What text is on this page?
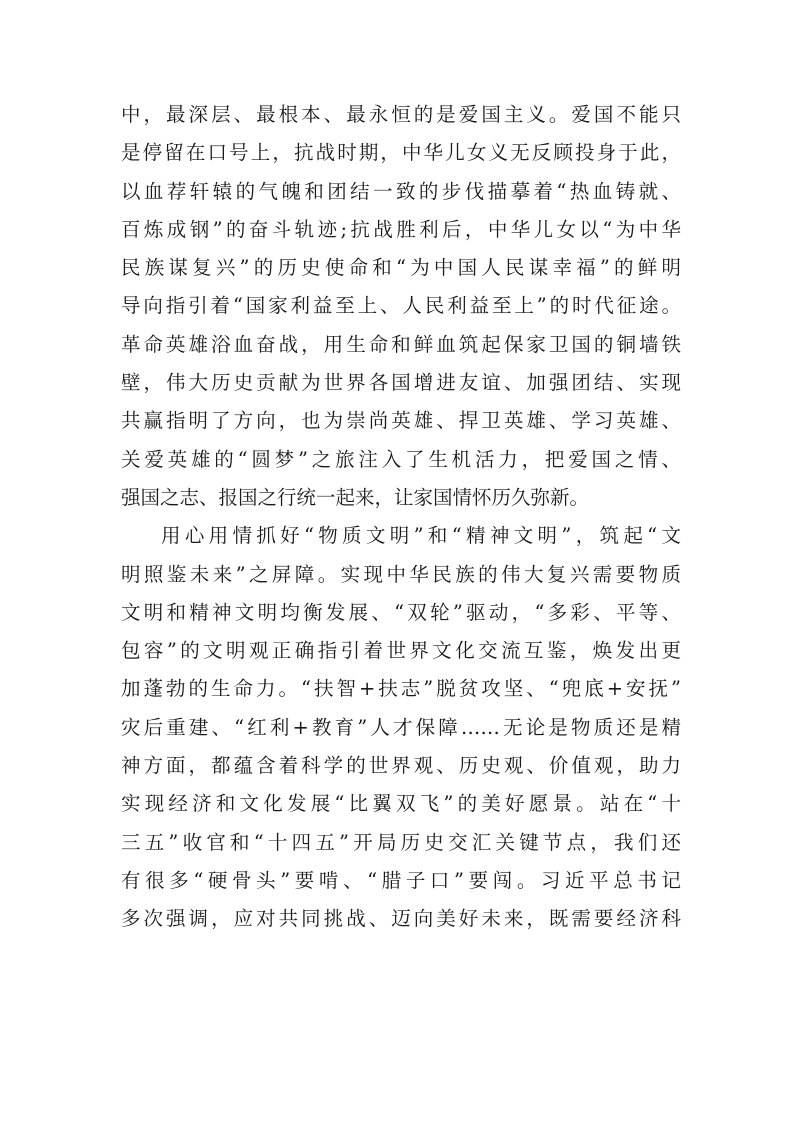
中，最深层、最根本、最永恒的是爱国主义。爱国不能只
是停留在口号上，抗战时期，中华儿女义无反顾投身于此，
以血荐轩辕的气魄和团结一致的步伐描摹着“热血铸就、
百炼成钢”的奋斗轨迹;抗战胜利后，中华儿女以“为中华
民族谋复兴”的历史使命和“为中国人民谋幸福”的鲜明
导向指引着“国家利益至上、人民利益至上”的时代征途。
革命英雄浴血奋战，用生命和鲜血筑起保家卫国的铜墙铁
壁，伟大历史贡献为世界各国增进友谊、加强团结、实现
共赢指明了方向，也为崇尚英雄、捍卫英雄、学习英雄、
关爱英雄的“圆梦”之旅注入了生机活力，把爱国之情、
强国之志、报国之行统一起来，让家国情怀历久弥新。
用心用情抓好“物质文明”和“精神文明”，筑起“文
明照鉴未来”之屏障。实现中华民族的伟大复兴需要物质
文明和精神文明均衡发展、“双轮”驱动，“多彩、平等、
包容”的文明观正确指引着世界文化交流互鉴，焕发出更
加蓬勃的生命力。“扶智+扶志”脱贫攻坚、“兜底+安抚”
灾后重建、“红利+教育”人才保障……无论是物质还是精
神方面，都蕴含着科学的世界观、历史观、价值观，助力
实现经济和文化发展“比翼双飞”的美好愿景。站在“十
三五”收官和“十四五”开局历史交汇关键节点，我们还
有很多“硬骨头”要啃、“腊子口”要闯。习近平总书记
多次强调，应对共同挑战、迈向美好未来，既需要经济科
